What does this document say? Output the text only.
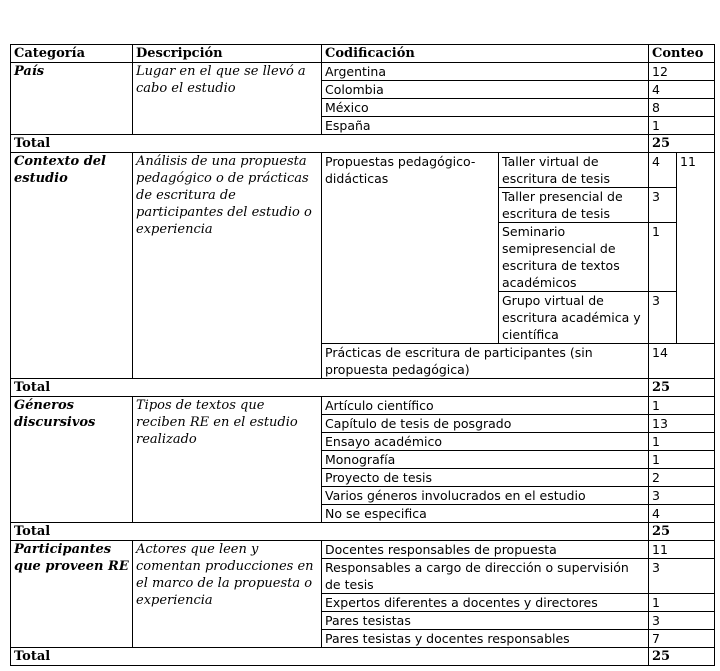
Categoría	Descripción	Codificación		Conteo	
País	Lugar en el que se llevó a cabo el estudio	Argentina		12	
		Colombia		4	
		México		8	
		España		1	
Total				25	
Contexto del estudio	Análisis de una propuesta pedagógico o de prácticas de escritura de participantes del estudio o experiencia	Propuestas pedagógico-didácticas	Taller virtual de escritura de tesis	4	11
			Taller presencial de escritura de tesis	3	
			Seminario semipresencial de escritura de textos académicos	1	
			Grupo virtual de escritura académica y científica	3	
		Prácticas de escritura de participantes (sin propuesta pedagógica)		14	
Total				25	
Géneros discursivos	Tipos de textos que reciben RE en el estudio realizado	Artículo científico		1	
		Capítulo de tesis de posgrado		13	
		Ensayo académico		1	
		Monografía		1	
		Proyecto de tesis		2	
		Varios géneros involucrados en el estudio		3	
		No se especifica		4	
Total				25	
Participantes que proveen RE	Actores que leen y comentan producciones en el marco de la propuesta o experiencia	Docentes responsables de propuesta		11	
		Responsables a cargo de dirección o supervisión de tesis		3	
		Expertos diferentes a docentes y directores		1	
		Pares tesistas		3	
		Pares tesistas y docentes responsables		7	
Total				25	
